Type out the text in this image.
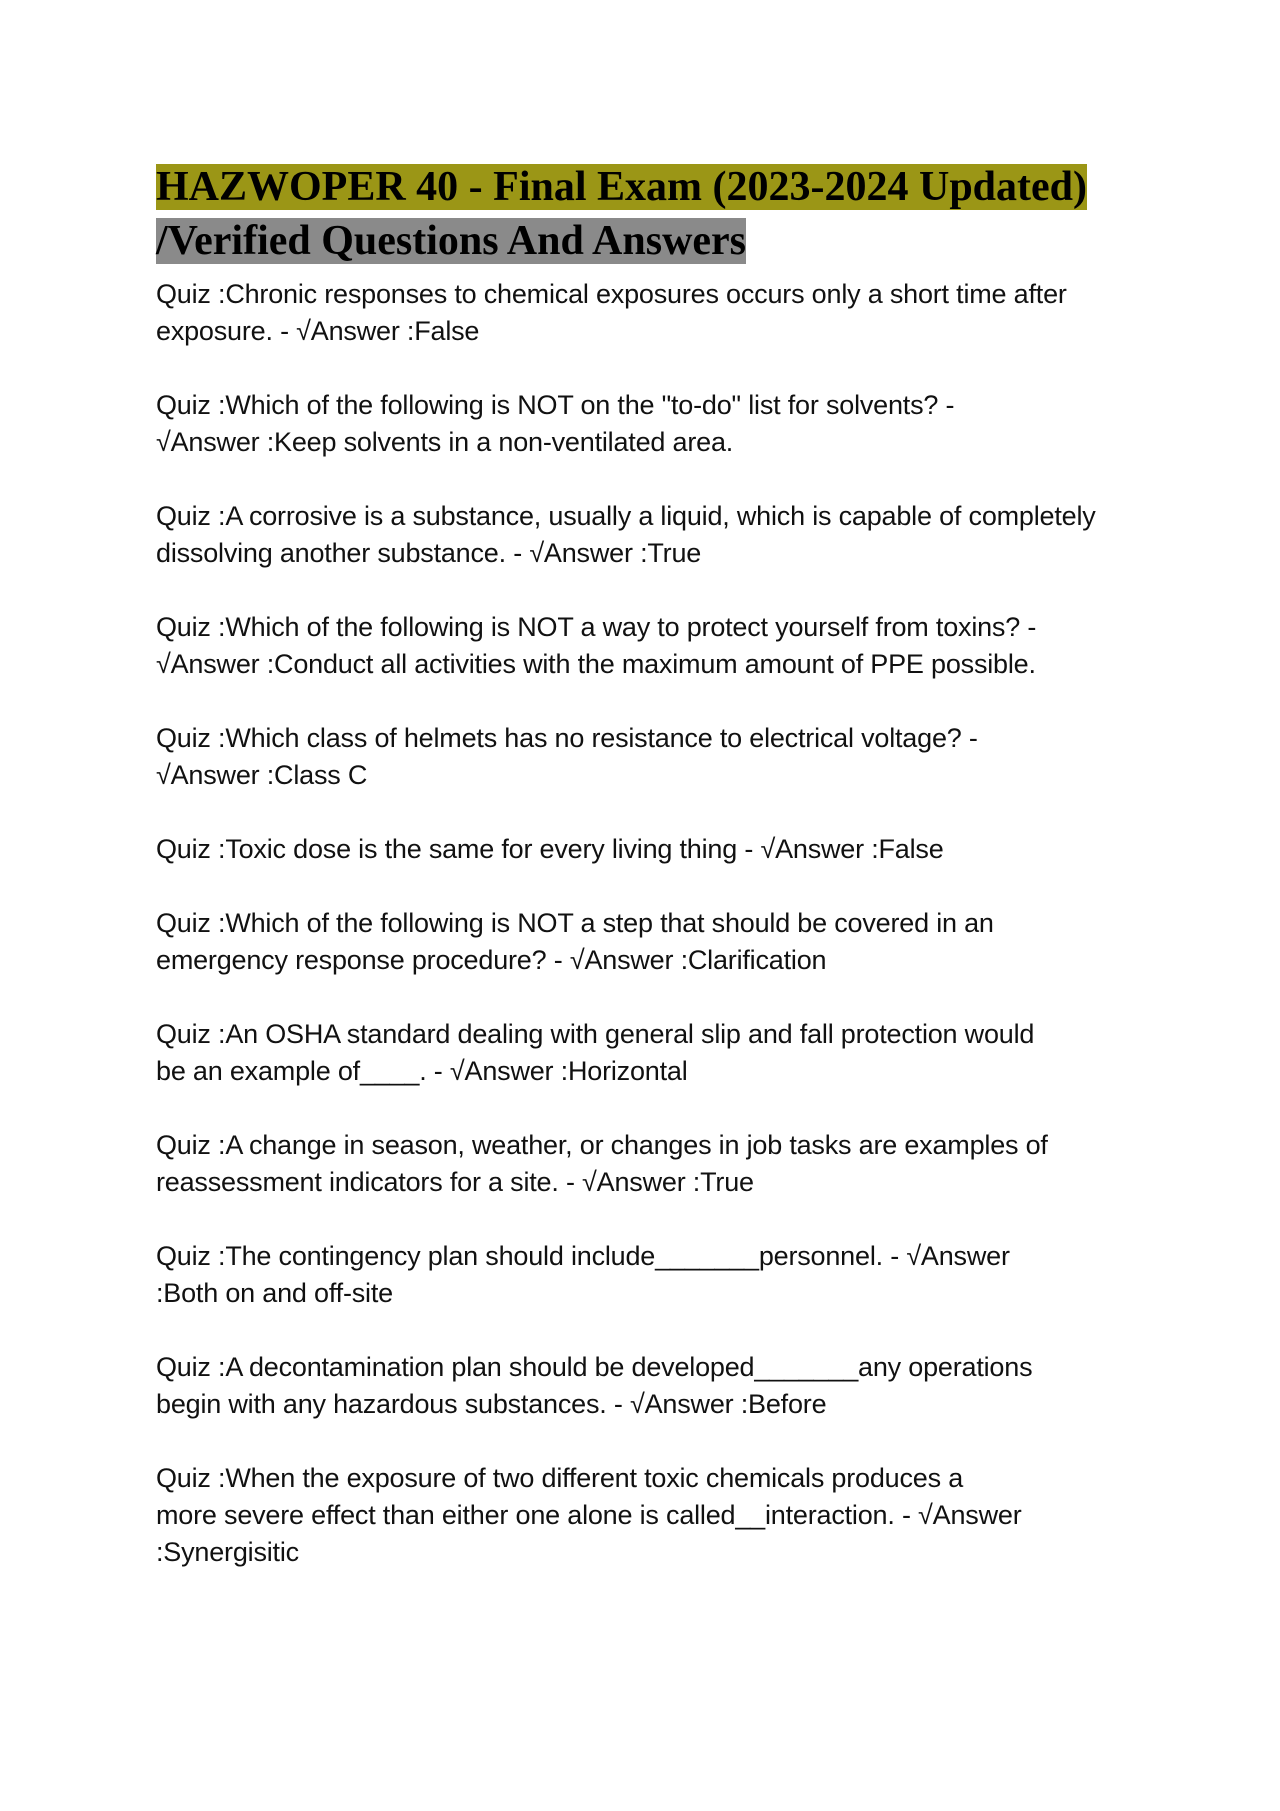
HAZWOPER 40 - Final Exam (2023-2024 Updated)
/Verified Questions And Answers

Quiz :Chronic responses to chemical exposures occurs only a short time after
exposure. - √Answer :False

Quiz :Which of the following is NOT on the "to-do" list for solvents? -
√Answer :Keep solvents in a non-ventilated area.

Quiz :A corrosive is a substance, usually a liquid, which is capable of completely
dissolving another substance. - √Answer :True

Quiz :Which of the following is NOT a way to protect yourself from toxins? -
√Answer :Conduct all activities with the maximum amount of PPE possible.

Quiz :Which class of helmets has no resistance to electrical voltage? -
√Answer :Class C

Quiz :Toxic dose is the same for every living thing - √Answer :False

Quiz :Which of the following is NOT a step that should be covered in an
emergency response procedure? - √Answer :Clarification

Quiz :An OSHA standard dealing with general slip and fall protection would
be an example of____. - √Answer :Horizontal

Quiz :A change in season, weather, or changes in job tasks are examples of
reassessment indicators for a site. - √Answer :True

Quiz :The contingency plan should include_______personnel. - √Answer
:Both on and off-site

Quiz :A decontamination plan should be developed_______any operations
begin with any hazardous substances. - √Answer :Before

Quiz :When the exposure of two different toxic chemicals produces a
more severe effect than either one alone is called__interaction. - √Answer
:Synergisitic
